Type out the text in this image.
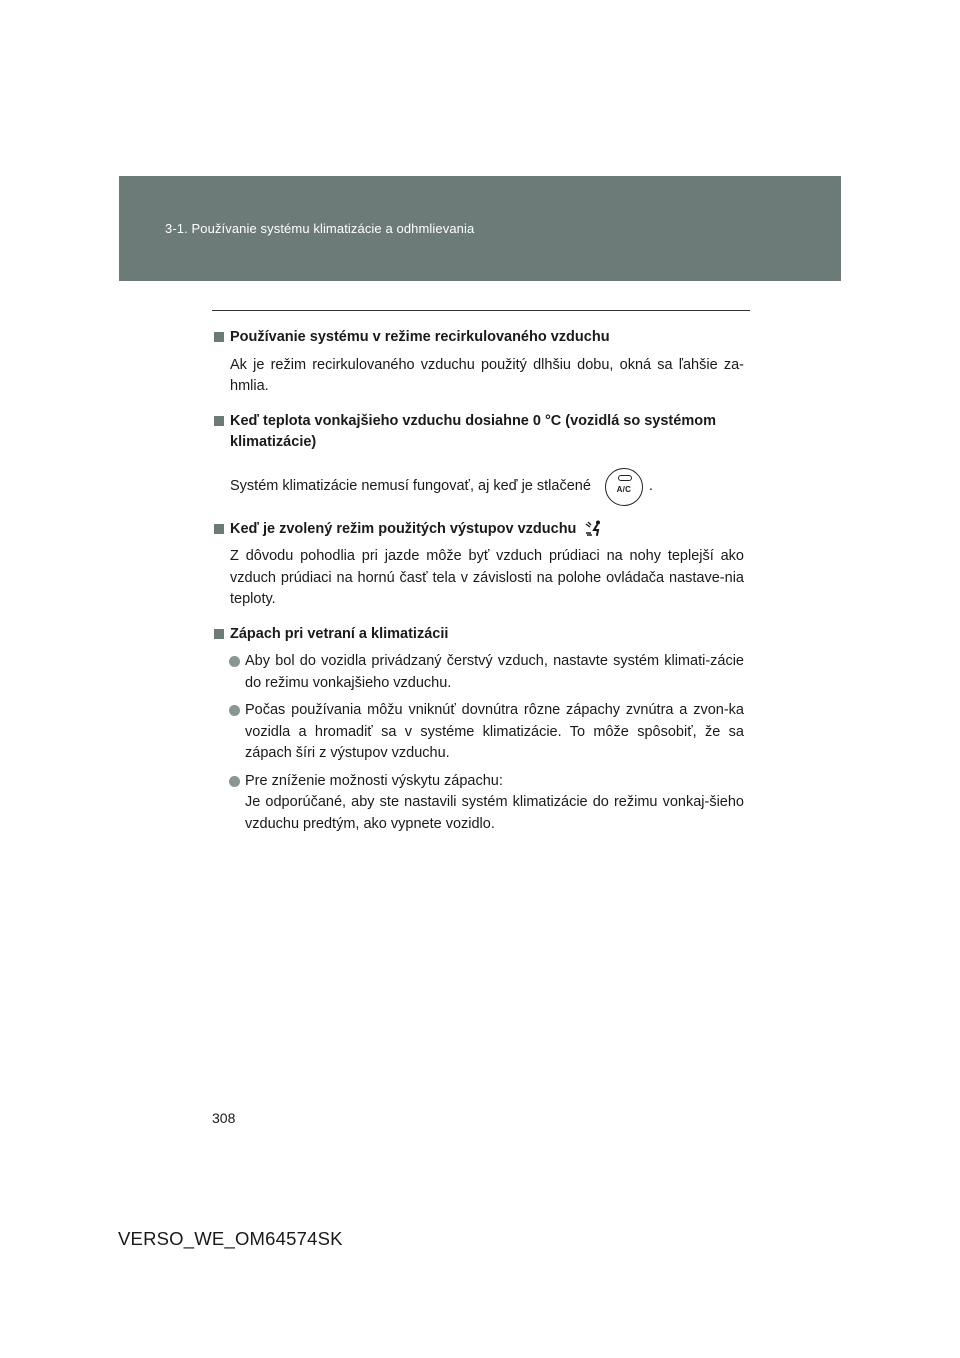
3-1. Používanie systému klimatizácie a odhmlievania

Používanie systému v režime recirkulovaného vzduchu

Ak je režim recirkulovaného vzduchu použitý dlhšiu dobu, okná sa ľahšie za-hmlia.

Keď teplota vonkajšieho vzduchu dosiahne 0 °C (vozidlá so systémom klimatizácie)

Systém klimatizácie nemusí fungovať, aj keď je stlačené	A/C .

Keď je zvolený režim použitých výstupov vzduchu

Z dôvodu pohodlia pri jazde môže byť vzduch prúdiaci na nohy teplejší ako vzduch prúdiaci na hornú časť tela v závislosti na polohe ovládača nastave-nia teploty.

Zápach pri vetraní a klimatizácii

Aby bol do vozidla privádzaný čerstvý vzduch, nastavte systém klimati-zácie do režimu vonkajšieho vzduchu.
Počas používania môžu vniknúť dovnútra rôzne zápachy zvnútra a zvon-ka vozidla a hromadiť sa v systéme klimatizácie. To môže spôsobiť, že sa zápach šíri z výstupov vzduchu.
Pre zníženie možnosti výskytu zápachu:
Je odporúčané, aby ste nastavili systém klimatizácie do režimu vonkaj-šieho vzduchu predtým, ako vypnete vozidlo.
308
VERSO_WE_OM64574SK
